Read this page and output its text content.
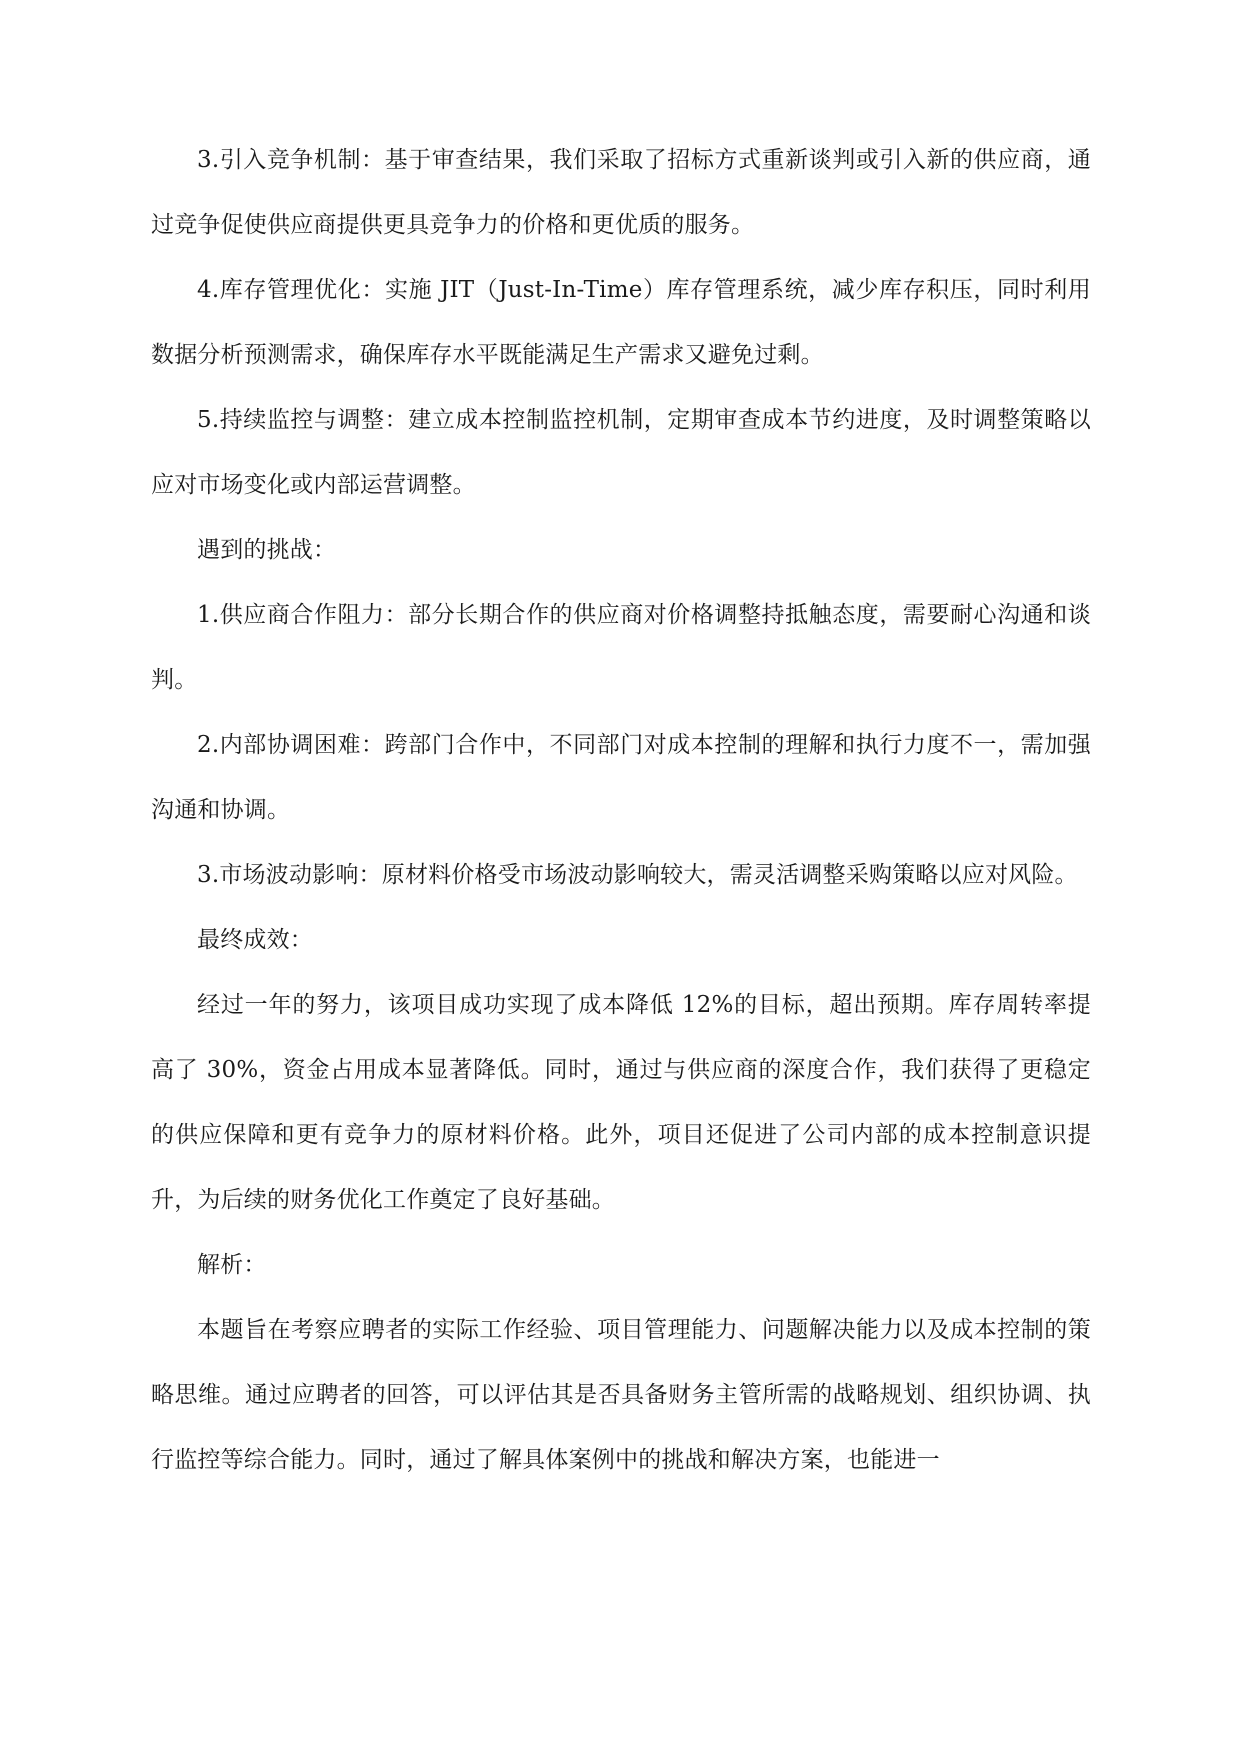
3.引入竞争机制：基于审查结果，我们采取了招标方式重新谈判或引入新的供应商，通过竞争促使供应商提供更具竞争力的价格和更优质的服务。

4.库存管理优化：实施 JIT（Just-In-Time）库存管理系统，减少库存积压，同时利用数据分析预测需求，确保库存水平既能满足生产需求又避免过剩。

5.持续监控与调整：建立成本控制监控机制，定期审查成本节约进度，及时调整策略以应对市场变化或内部运营调整。

遇到的挑战：

1.供应商合作阻力：部分长期合作的供应商对价格调整持抵触态度，需要耐心沟通和谈判。

2.内部协调困难：跨部门合作中，不同部门对成本控制的理解和执行力度不一，需加强沟通和协调。

3.市场波动影响：原材料价格受市场波动影响较大，需灵活调整采购策略以应对风险。

最终成效：

经过一年的努力，该项目成功实现了成本降低 12%的目标，超出预期。库存周转率提高了 30%，资金占用成本显著降低。同时，通过与供应商的深度合作，我们获得了更稳定的供应保障和更有竞争力的原材料价格。此外，项目还促进了公司内部的成本控制意识提升，为后续的财务优化工作奠定了良好基础。

解析：

本题旨在考察应聘者的实际工作经验、项目管理能力、问题解决能力以及成本控制的策略思维。通过应聘者的回答，可以评估其是否具备财务主管所需的战略规划、组织协调、执行监控等综合能力。同时，通过了解具体案例中的挑战和解决方案，也能进一
